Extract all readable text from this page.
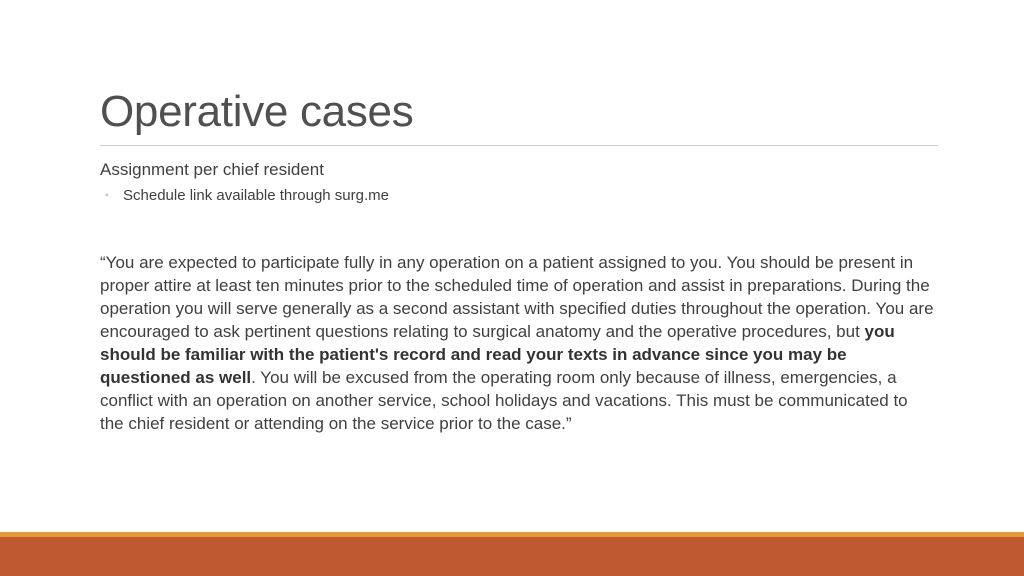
Operative cases
Assignment per chief resident
◦ Schedule link available through surg.me

“You are expected to participate fully in any operation on a patient assigned to you. You should be present in proper attire at least ten minutes prior to the scheduled time of operation and assist in preparations. During the operation you will serve generally as a second assistant with specified duties throughout the operation. You are encouraged to ask pertinent questions relating to surgical anatomy and the operative procedures, but you should be familiar with the patient's record and read your texts in advance since you may be questioned as well. You will be excused from the operating room only because of illness, emergencies, a conflict with an operation on another service, school holidays and vacations. This must be communicated to the chief resident or attending on the service prior to the case.”
